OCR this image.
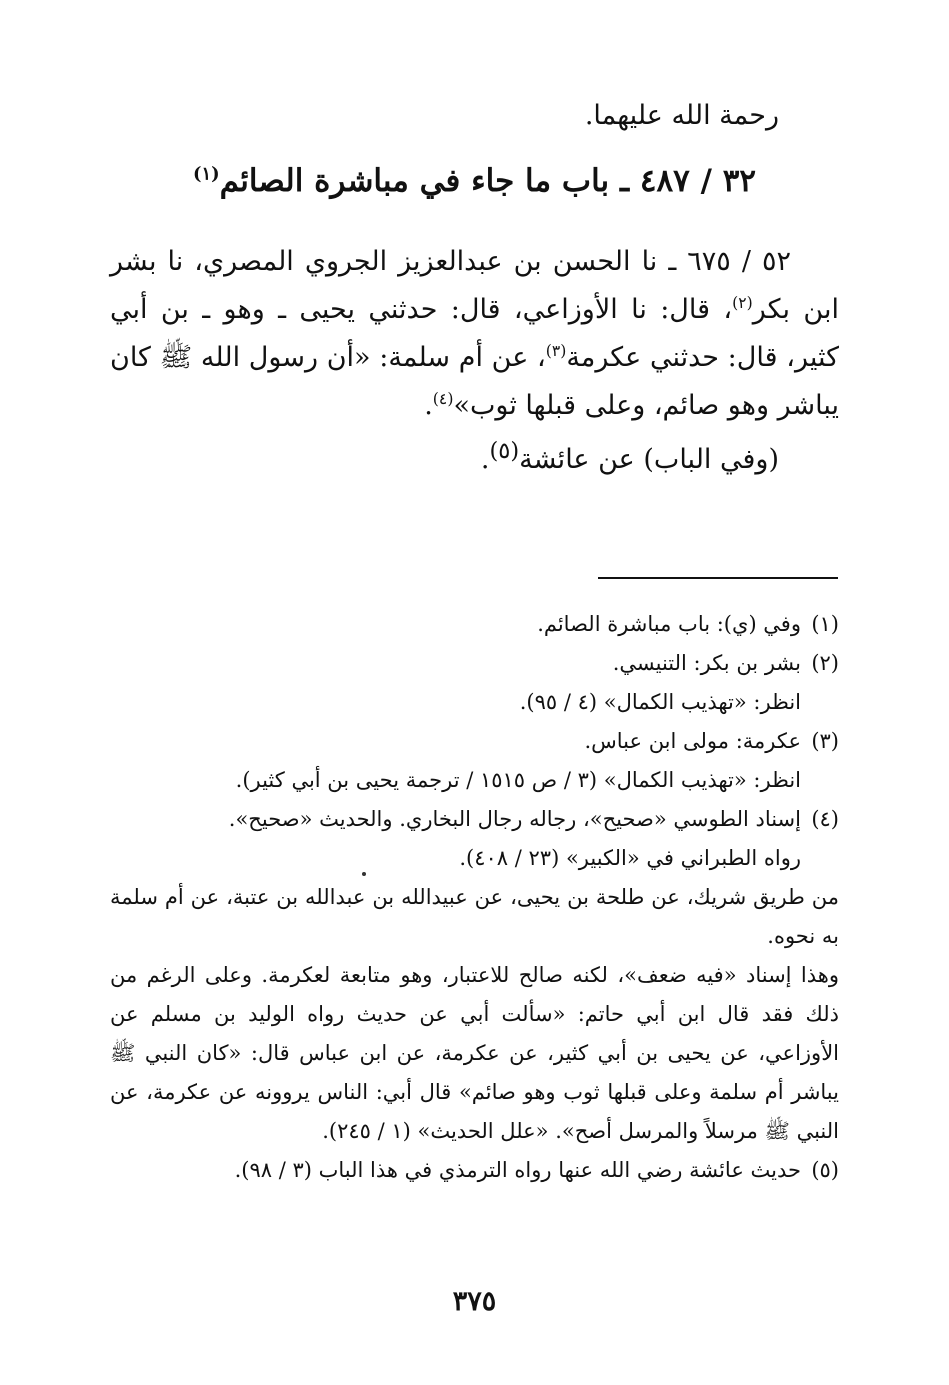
رحمة الله عليهما.
٣٢ / ٤٨٧ ـ باب ما جاء في مباشرة الصائم$^{(١)}$
٥٢ / ٦٧٥ ـ نا الحسن بن عبدالعزيز الجروي المصري، نا بشر ابن بكر$^{(٢)}$، قال: نا الأوزاعي، قال: حدثني يحيى ـ وهو ـ بن أبي كثير، قال: حدثني عكرمة$^{(٣)}$، عن أم سلمة: «أن رسول الله ﷺ كان يباشر وهو صائم، وعلى قبلها ثوب»$^{(٤)}$.
(وفي الباب) عن عائشة$^{(٥)}$.
(١)
وفي (ي): باب مباشرة الصائم.
(٢)
بشر بن بكر: التنيسي.
انظر: «تهذيب الكمال» (٤ / ٩٥).
(٣)
عكرمة: مولى ابن عباس.
انظر: «تهذيب الكمال» (٣ / ص ١٥١٥ / ترجمة يحيى بن أبي كثير).
(٤)
إسناد الطوسي «صحيح»، رجاله رجال البخاري. والحديث «صحيح».
رواه الطبراني في «الكبير» (٢٣ / ٤٠٨).
من طريق شريك، عن طلحة بن يحيى، عن عبيدالله بن عبدالله بن عتبة، عن أم سلمة به نحوه.
وهذا إسناد «فيه ضعف»، لكنه صالح للاعتبار، وهو متابعة لعكرمة. وعلى الرغم من ذلك فقد قال ابن أبي حاتم: «سألت أبي عن حديث رواه الوليد بن مسلم عن الأوزاعي، عن يحيى بن أبي كثير، عن عكرمة، عن ابن عباس قال: «كان النبي ﷺ يباشر أم سلمة وعلى قبلها ثوب وهو صائم» قال أبي: الناس يروونه عن عكرمة، عن النبي ﷺ مرسلاً والمرسل أصح». «علل الحديث» (١ / ٢٤٥).
(٥)
حديث عائشة رضي الله عنها رواه الترمذي في هذا الباب (٣ / ٩٨).
٣٧٥
